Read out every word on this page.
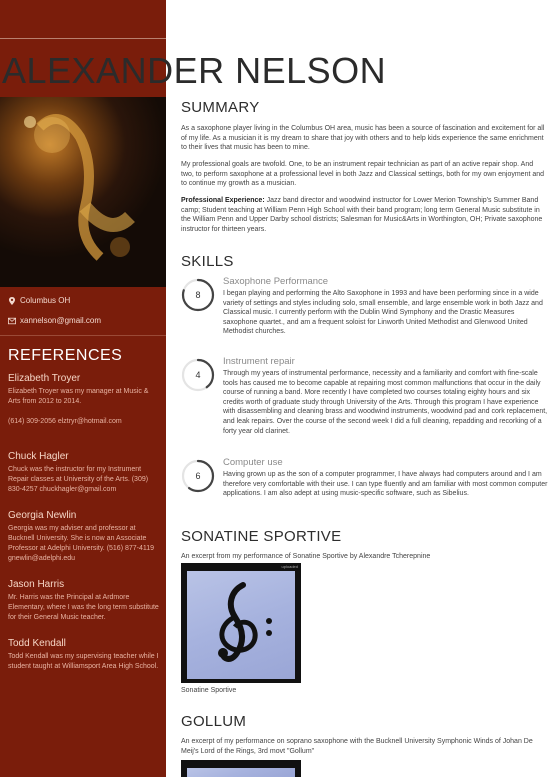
Columbus OH
xannelson@gmail.com
REFERENCES
Elizabeth Troyer
Elizabeth Troyer was my manager at Music & Arts from 2012 to 2014.

(614) 309-2056 elztryr@hotmail.com
Chuck Hagler
Chuck was the instructor for my Instrument Repair classes at University of the Arts. (309) 830-4257 chuckhagler@gmail.com
Georgia Newlin
Georgia was my adviser and professor at Bucknell University. She is now an Associate Professor at Adelphi University. (516) 877-4119 gnewlin@adelphi.edu
Jason Harris
Mr. Harris was the Principal at Ardmore Elementary, where I was the long term substitute for their General Music teacher.
Todd Kendall
Todd Kendall was my supervising teacher while I student taught at Williamsport Area High School.
ALEXANDER NELSON
SUMMARY
As a saxophone player living in the Columbus OH area, music has been a source of fascination and excitement for all of my life. As a musician it is my dream to share that joy with others and to help kids experience the same enrichment to their lives that music has been to mine.
My professional goals are twofold. One, to be an instrument repair technician as part of an active repair shop. And two, to perform saxophone at a professional level in both Jazz and Classical settings, both for my own enjoyment and to continue my growth as a musician.
Professional Experience: Jazz band director and woodwind instructor for Lower Merion Township's Summer Band camp; Student teaching at William Penn High School with their band program; long term General Music substitute in the William Penn and Upper Darby school districts; Salesman for Music&Arts in Worthington, OH; Private saxophone instructor for thirteen years.
SKILLS
8
Saxophone Performance
I began playing and performing the Alto Saxophone in 1993 and have been performing since in a wide variety of settings and styles including solo, small ensemble, and large ensemble work in both Jazz and Classical music. I currently perform with the Dublin Wind Symphony and the Drastic Measures saxophone quartet., and am a frequent soloist for Linworth United Methodist and Glenwood United Methodist churches.
4
Instrument repair
Through my years of instrumental performance, necessity and a familiarity and comfort with fine-scale tools has caused me to become capable at repairing most common malfunctions that occur in the daily course of running a band. More recently I have completed two courses totaling eighty hours and six credits worth of graduate study through University of the Arts. Through this program I have experience with disassembling and cleaning brass and woodwind instruments, woodwind pad and cork replacement, and leak repairs. Over the course of the second week I did a full cleaning, repadding and recorking of a forty year old clarinet.
6
Computer use
Having grown up as the son of a computer programmer, I have always had computers around and I am therefore very comfortable with their use. I can type fluently and am familiar with most common computer applications. I am also adept at using music-specific software, such as Sibelius.
SONATINE SPORTIVE
An excerpt from my performance of Sonatine Sportive by Alexandre Tcherepnine
uploaded
Sonatine Sportive
GOLLUM
An excerpt of my performance on soprano saxophone with the Bucknell University Symphonic Winds of Johan De Meij's Lord of the Rings, 3rd movt "Gollum"
